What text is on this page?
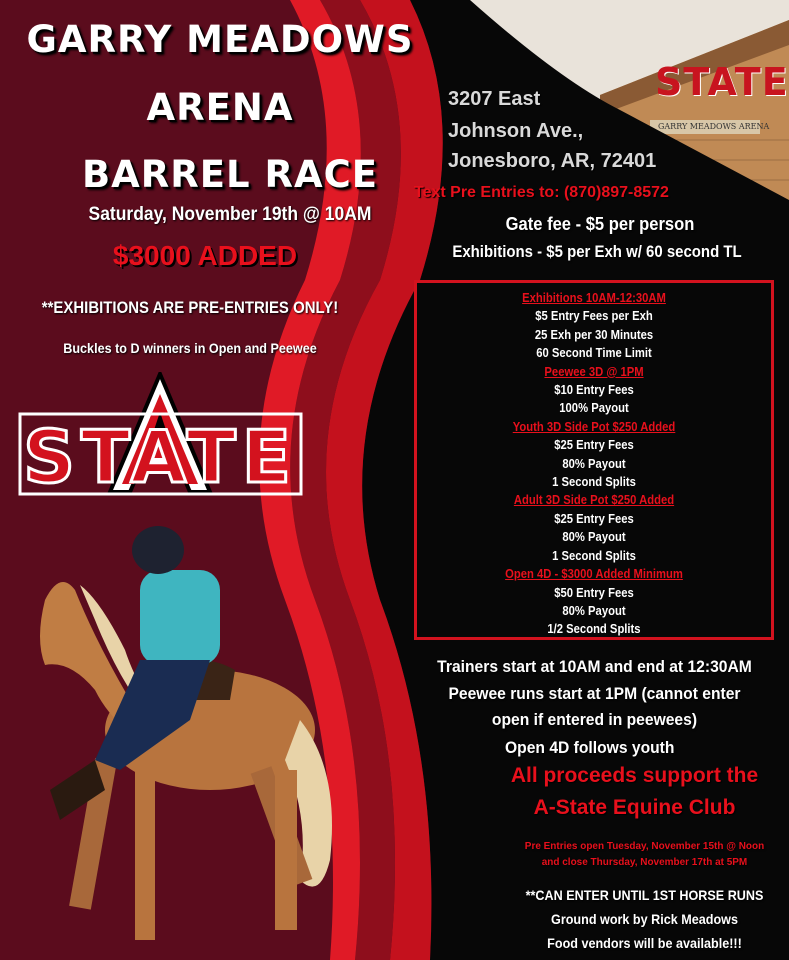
GARRY MEADOWS
ARENA
BARREL RACE
Saturday, November 19th @ 10AM
$3000 ADDED
**EXHIBITIONS ARE PRE-ENTRIES ONLY!
Buckles to D winners in Open and Peewee
STATE
3207 East
Johnson Ave.,
Jonesboro, AR, 72401
STATE
GARRY MEADOWS ARENA
Text Pre Entries to: (870)897-8572
Gate fee - $5 per person
Exhibitions - $5 per Exh w/ 60 second TL
Exhibitions 10AM-12:30AM
$5 Entry Fees per Exh
25 Exh per 30 Minutes
60 Second Time Limit
Peewee 3D @ 1PM
$10 Entry Fees
100% Payout
Youth 3D Side Pot $250 Added
$25 Entry Fees
80% Payout
1 Second Splits
Adult 3D Side Pot $250 Added
$25 Entry Fees
80% Payout
1 Second Splits
Open 4D - $3000 Added Minimum
$50 Entry Fees
80% Payout
1/2 Second Splits
Trainers start at 10AM and end at 12:30AM
Peewee runs start at 1PM (cannot enter
open if entered in peewees)
Open 4D follows youth
All proceeds support the
A-State Equine Club
Pre Entries open Tuesday, November 15th @ Noon
and close Thursday, November 17th at 5PM
**CAN ENTER UNTIL 1ST HORSE RUNS
Ground work by Rick Meadows
Food vendors will be available!!!
